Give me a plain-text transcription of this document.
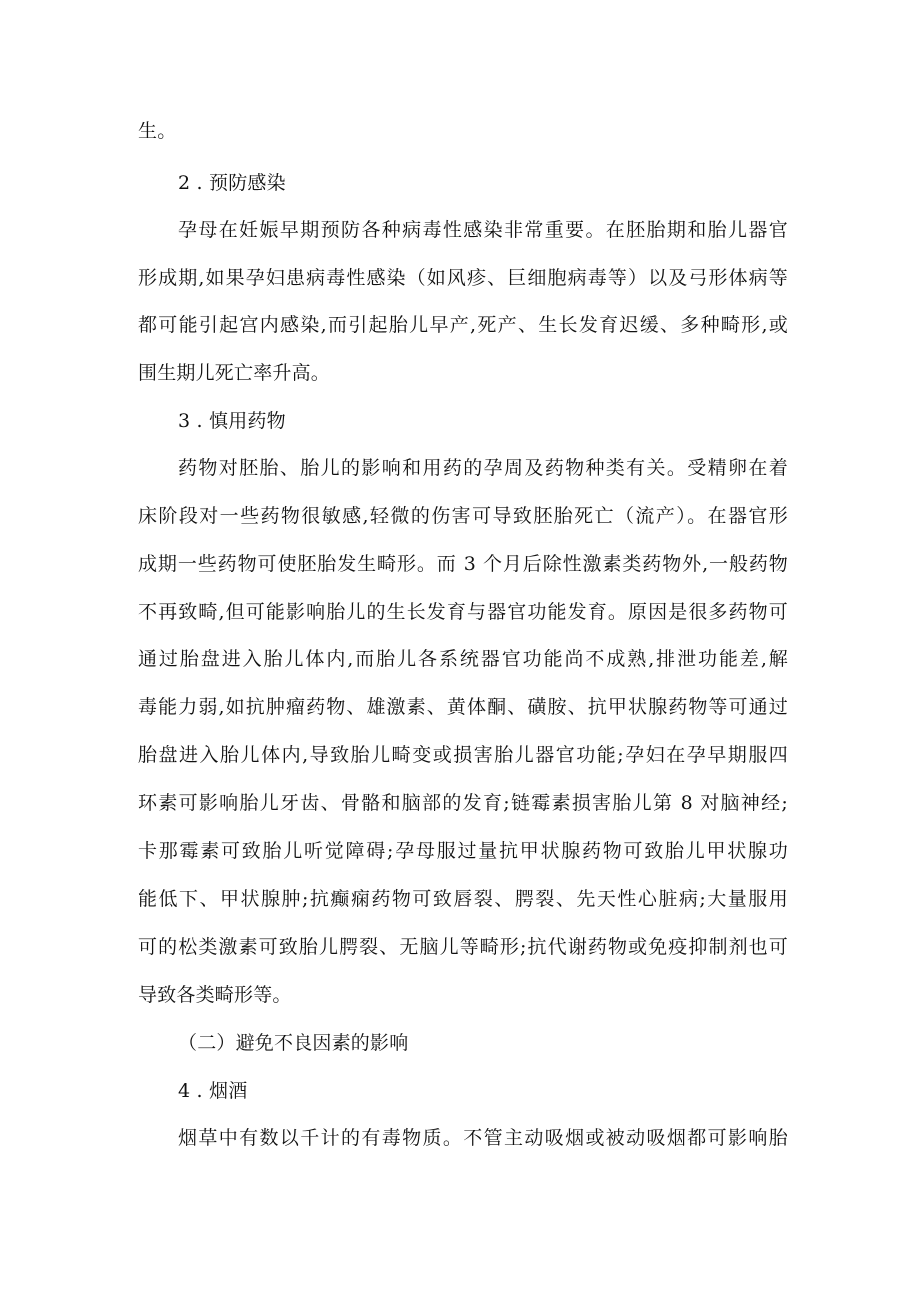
生。
2 . 预防感染
孕母在妊娠早期预防各种病毒性感染非常重要。在胚胎期和胎儿器官
形成期,如果孕妇患病毒性感染（如风疹、巨细胞病毒等）以及弓形体病等
都可能引起宫内感染,而引起胎儿早产,死产、生长发育迟缓、多种畸形,或
围生期儿死亡率升高。
3 . 慎用药物
药物对胚胎、胎儿的影响和用药的孕周及药物种类有关。受精卵在着
床阶段对一些药物很敏感,轻微的伤害可导致胚胎死亡（流产）。在器官形
成期一些药物可使胚胎发生畸形。而 3 个月后除性激素类药物外,一般药物
不再致畸,但可能影响胎儿的生长发育与器官功能发育。原因是很多药物可
通过胎盘进入胎儿体内,而胎儿各系统器官功能尚不成熟,排泄功能差,解
毒能力弱,如抗肿瘤药物、雄激素、黄体酮、磺胺、抗甲状腺药物等可通过
胎盘进入胎儿体内,导致胎儿畸变或损害胎儿器官功能;孕妇在孕早期服四
环素可影响胎儿牙齿、骨骼和脑部的发育;链霉素损害胎儿第 8 对脑神经;
卡那霉素可致胎儿听觉障碍;孕母服过量抗甲状腺药物可致胎儿甲状腺功
能低下、甲状腺肿;抗癫痫药物可致唇裂、腭裂、先天性心脏病;大量服用
可的松类激素可致胎儿腭裂、无脑儿等畸形;抗代谢药物或免疫抑制剂也可
导致各类畸形等。
（二）避免不良因素的影响
4 . 烟酒
烟草中有数以千计的有毒物质。不管主动吸烟或被动吸烟都可影响胎
